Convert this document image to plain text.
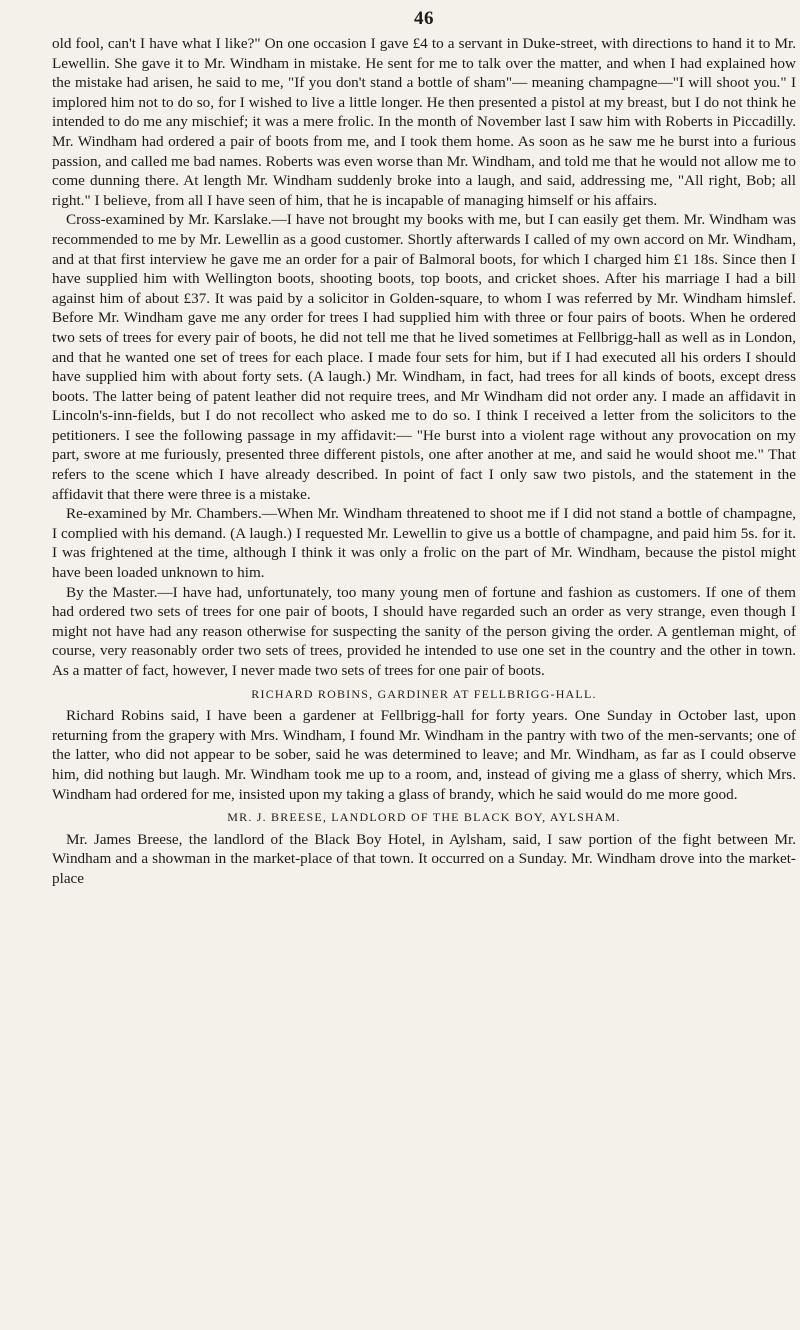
46

old fool, can't I have what I like?" On one occasion I gave £4 to a servant in Duke-street, with directions to hand it to Mr. Lewellin. She gave it to Mr. Windham in mistake. He sent for me to talk over the matter, and when I had explained how the mistake had arisen, he said to me, "If you don't stand a bottle of sham"— meaning champagne—"I will shoot you." I implored him not to do so, for I wished to live a little longer. He then presented a pistol at my breast, but I do not think he intended to do me any mischief; it was a mere frolic. In the month of November last I saw him with Roberts in Piccadilly. Mr. Windham had ordered a pair of boots from me, and I took them home. As soon as he saw me he burst into a furious passion, and called me bad names. Roberts was even worse than Mr. Windham, and told me that he would not allow me to come dunning there. At length Mr. Windham suddenly broke into a laugh, and said, addressing me, "All right, Bob; all right." I believe, from all I have seen of him, that he is incapable of managing himself or his affairs.

Cross-examined by Mr. Karslake.—I have not brought my books with me, but I can easily get them. Mr. Windham was recommended to me by Mr. Lewellin as a good customer. Shortly afterwards I called of my own accord on Mr. Windham, and at that first interview he gave me an order for a pair of Balmoral boots, for which I charged him £1 18s. Since then I have supplied him with Wellington boots, shooting boots, top boots, and cricket shoes. After his marriage I had a bill against him of about £37. It was paid by a solicitor in Golden-square, to whom I was referred by Mr. Windham himslef. Before Mr. Windham gave me any order for trees I had supplied him with three or four pairs of boots. When he ordered two sets of trees for every pair of boots, he did not tell me that he lived sometimes at Fellbrigg-hall as well as in London, and that he wanted one set of trees for each place. I made four sets for him, but if I had executed all his orders I should have supplied him with about forty sets. (A laugh.) Mr. Windham, in fact, had trees for all kinds of boots, except dress boots. The latter being of patent leather did not require trees, and Mr Windham did not order any. I made an affidavit in Lincoln's-inn-fields, but I do not recollect who asked me to do so. I think I received a letter from the solicitors to the petitioners. I see the following passage in my affidavit:— "He burst into a violent rage without any provocation on my part, swore at me furiously, presented three different pistols, one after another at me, and said he would shoot me." That refers to the scene which I have already described. In point of fact I only saw two pistols, and the statement in the affidavit that there were three is a mistake.

Re-examined by Mr. Chambers.—When Mr. Windham threatened to shoot me if I did not stand a bottle of champagne, I complied with his demand. (A laugh.) I requested Mr. Lewellin to give us a bottle of champagne, and paid him 5s. for it. I was frightened at the time, although I think it was only a frolic on the part of Mr. Windham, because the pistol might have been loaded unknown to him.

By the Master.—I have had, unfortunately, too many young men of fortune and fashion as customers. If one of them had ordered two sets of trees for one pair of boots, I should have regarded such an order as very strange, even though I might not have had any reason otherwise for suspecting the sanity of the person giving the order. A gentleman might, of course, very reasonably order two sets of trees, provided he intended to use one set in the country and the other in town. As a matter of fact, however, I never made two sets of trees for one pair of boots.

RICHARD ROBINS, GARDINER AT FELLBRIGG-HALL.

Richard Robins said, I have been a gardener at Fellbrigg-hall for forty years. One Sunday in October last, upon returning from the grapery with Mrs. Windham, I found Mr. Windham in the pantry with two of the men-servants; one of the latter, who did not appear to be sober, said he was determined to leave; and Mr. Windham, as far as I could observe him, did nothing but laugh. Mr. Windham took me up to a room, and, instead of giving me a glass of sherry, which Mrs. Windham had ordered for me, insisted upon my taking a glass of brandy, which he said would do me more good.

MR. J. BREESE, LANDLORD OF THE BLACK BOY, AYLSHAM.

Mr. James Breese, the landlord of the Black Boy Hotel, in Aylsham, said, I saw portion of the fight between Mr. Windham and a showman in the market-place of that town. It occurred on a Sunday. Mr. Windham drove into the market-place
